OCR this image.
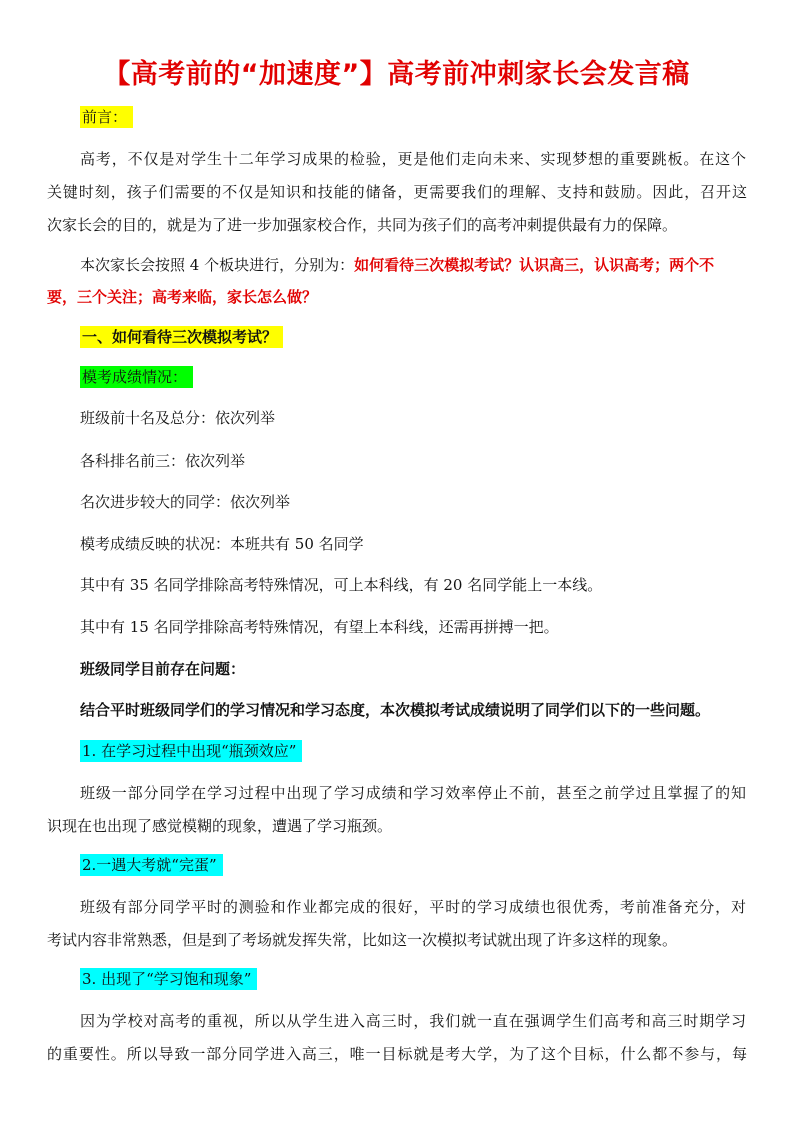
【高考前的“加速度”】高考前冲刺家长会发言稿
前言：
高考，不仅是对学生十二年学习成果的检验，更是他们走向未来、实现梦想的重要跳板。在这个
关键时刻，孩子们需要的不仅是知识和技能的储备，更需要我们的理解、支持和鼓励。因此，召开这
次家长会的目的，就是为了进一步加强家校合作，共同为孩子们的高考冲刺提供最有力的保障。
本次家长会按照 4 个板块进行，分别为：如何看待三次模拟考试？认识高三，认识高考；两个不
要，三个关注；高考来临，家长怎么做？
一、如何看待三次模拟考试？
模考成绩情况：
班级前十名及总分：依次列举
各科排名前三：依次列举
名次进步较大的同学：依次列举
模考成绩反映的状况：本班共有 50 名同学
其中有 35 名同学排除高考特殊情况，可上本科线，有 20 名同学能上一本线。
其中有 15 名同学排除高考特殊情况，有望上本科线，还需再拼搏一把。
班级同学目前存在问题：
结合平时班级同学们的学习情况和学习态度，本次模拟考试成绩说明了同学们以下的一些问题。
1. 在学习过程中出现“瓶颈效应”
班级一部分同学在学习过程中出现了学习成绩和学习效率停止不前，甚至之前学过且掌握了的知
识现在也出现了感觉模糊的现象，遭遇了学习瓶颈。
2.一遇大考就“完蛋”
班级有部分同学平时的测验和作业都完成的很好，平时的学习成绩也很优秀，考前准备充分，对
考试内容非常熟悉，但是到了考场就发挥失常，比如这一次模拟考试就出现了许多这样的现象。
3. 出现了“学习饱和现象”
因为学校对高考的重视，所以从学生进入高三时，我们就一直在强调学生们高考和高三时期学习
的重要性。所以导致一部分同学进入高三，唯一目标就是考大学，为了这个目标，什么都不参与，每
